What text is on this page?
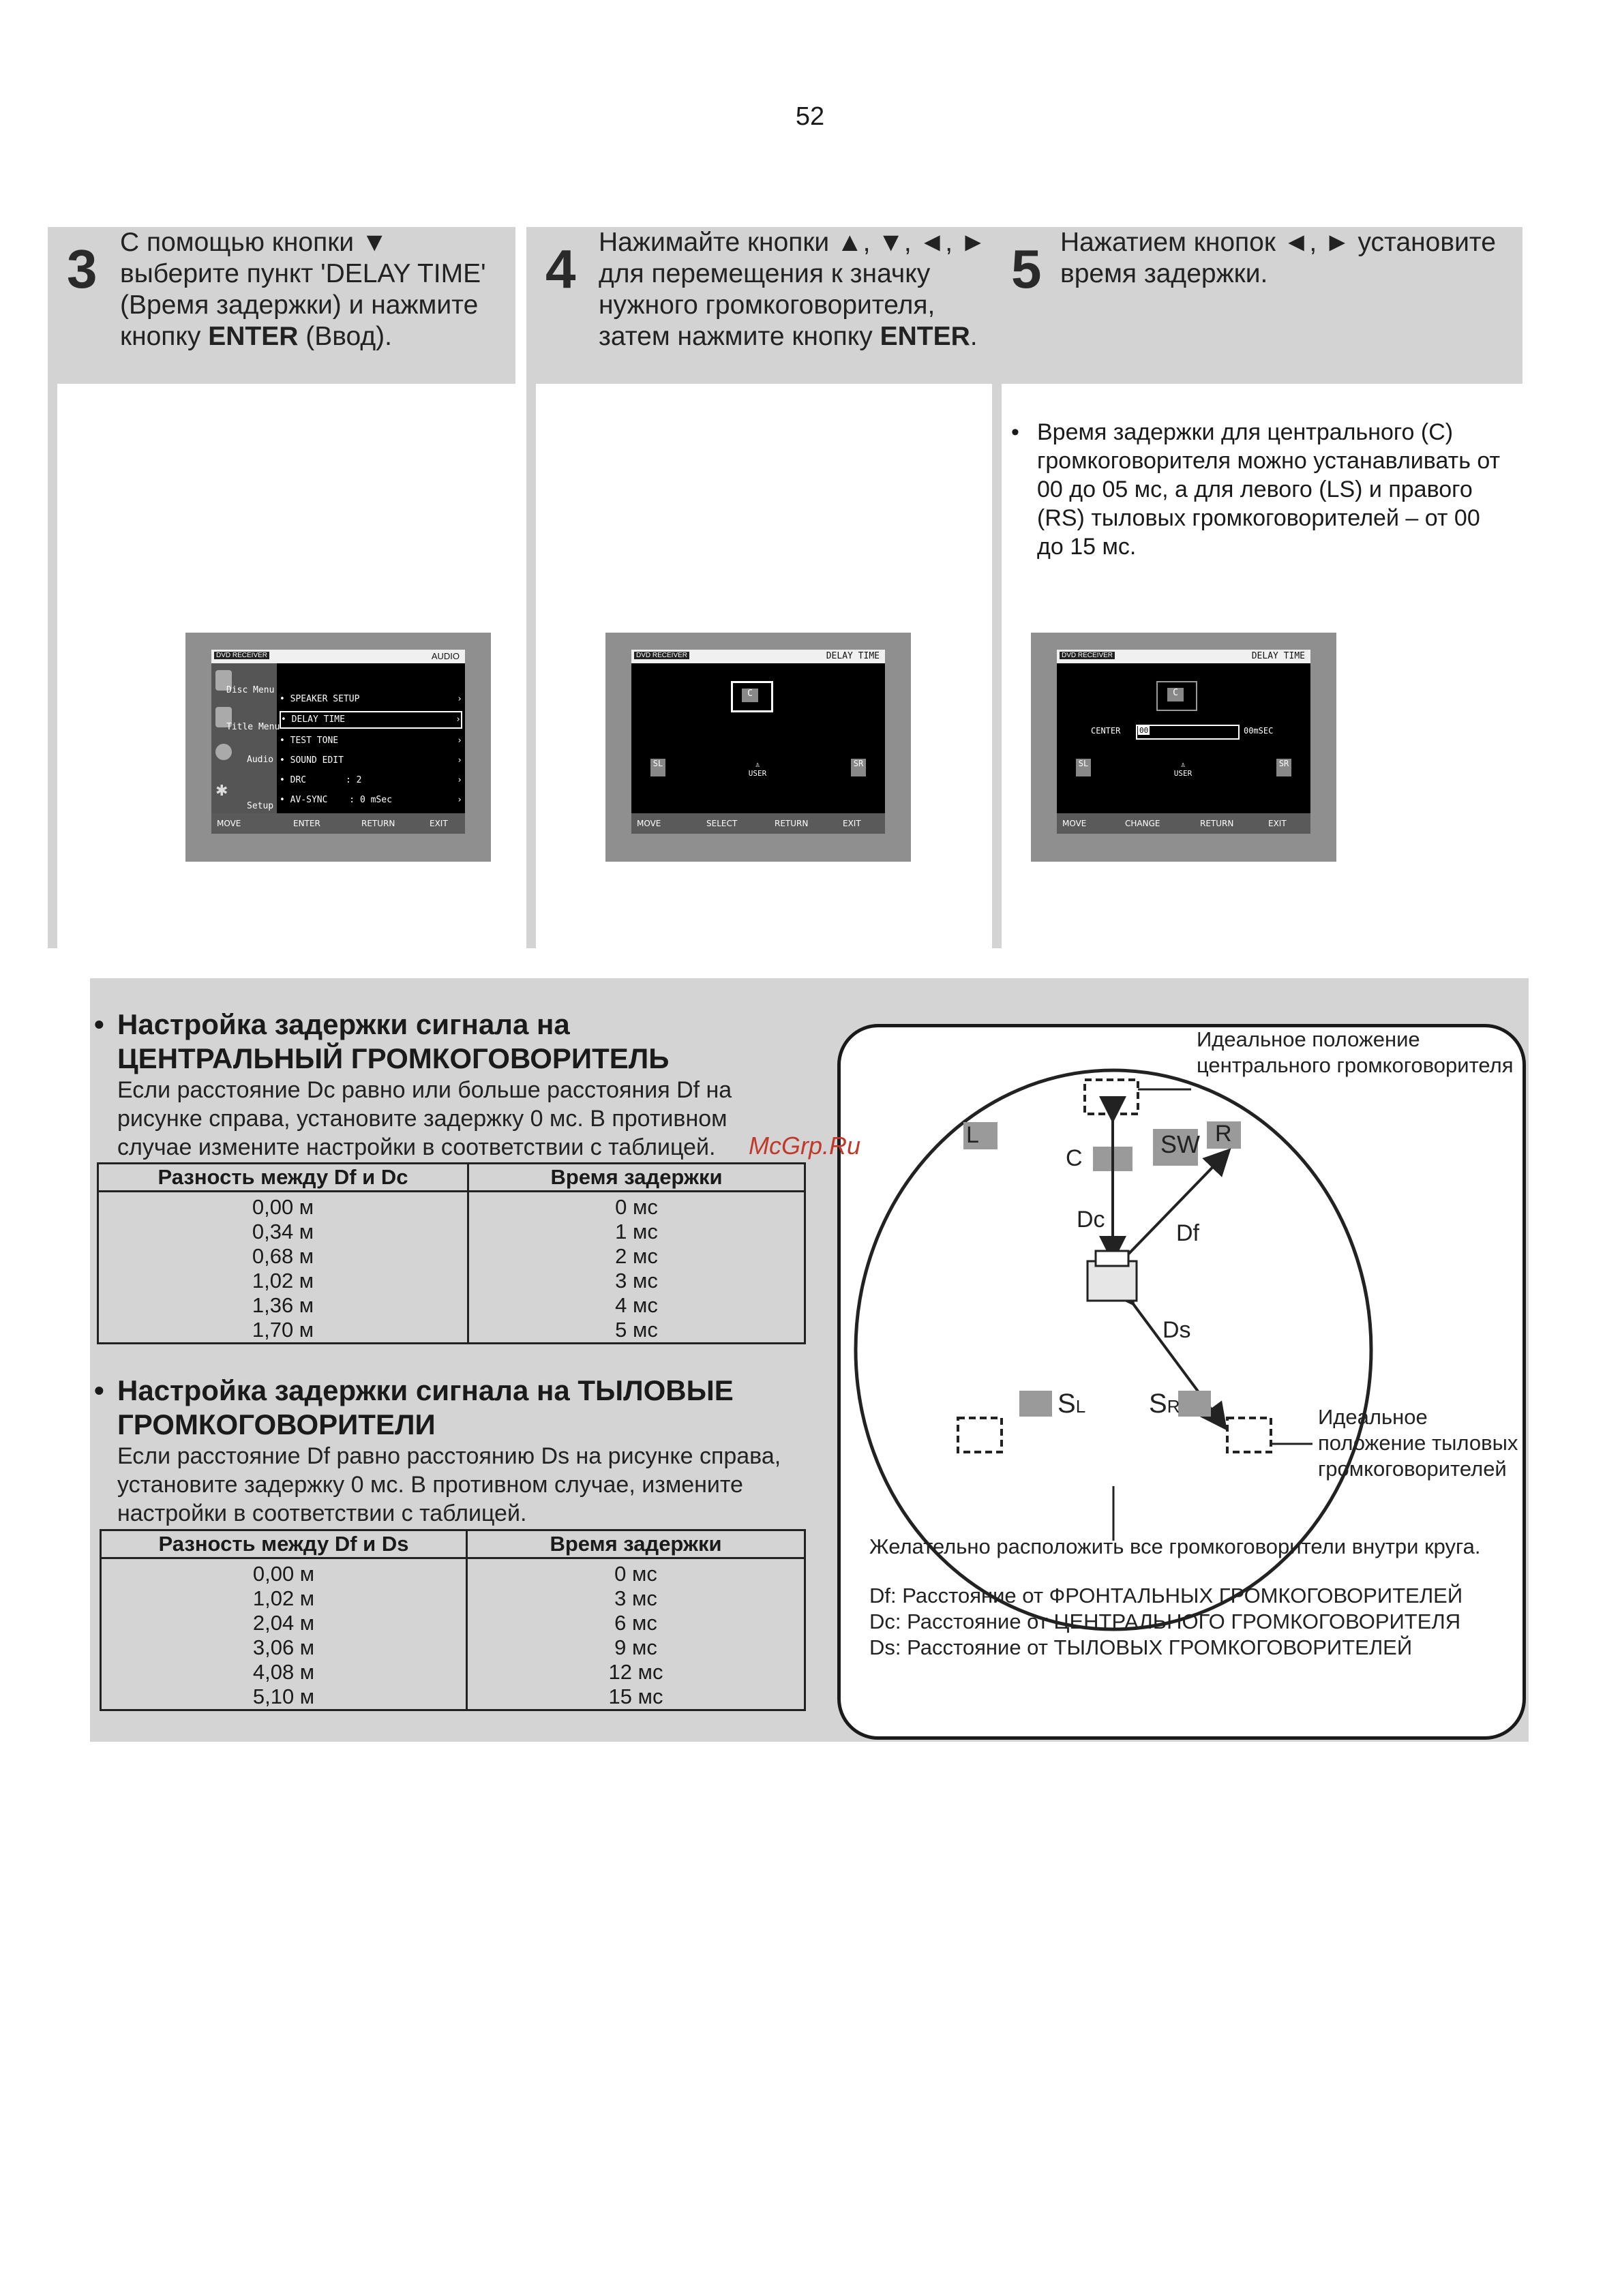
52
3 С помощью кнопки ▼ выберите пункт 'DELAY TIME' (Время задержки) и нажмите кнопку ENTER (Ввод).
4 Нажимайте кнопки ▲, ▼, ◄, ► для перемещения к значку нужного громкоговорителя, затем нажмите кнопку ENTER.
5 Нажатием кнопок ◄, ► установите время задержки.
• Время задержки для центрального (C) громкоговорителя можно устанавливать от 00 до 05 мс, а для левого (LS) и правого (RS) тыловых громкоговорителей – от 00 до 15 мс.
DVD RECEIVER	AUDIO
Disc Menu
Title Menu
Audio
✱
Setup
• SPEAKER SETUP	›
• DELAY TIME	›
• TEST TONE	›
• SOUND EDIT	›
• DRC	: 2	›
• AV-SYNC : 0 mSec	›
MOVE	ENTER	RETURN	EXIT
DVD RECEIVER	DELAY TIME
C
SL	SR
♙
USER
MOVE	SELECT	RETURN	EXIT
DVD RECEIVER	DELAY TIME
C
CENTER	00	00mSEC
SL	SR
♙
USER
MOVE	CHANGE	RETURN	EXIT
• Настройка задержки сигнала на
ЦЕНТРАЛЬНЫЙ ГРОМКОГОВОРИТЕЛЬ
Если расстояние Dc равно или больше расстояния Df на рисунке справа, установите задержку 0 мс. В противном случае измените настройки в соответствии с таблицей.
Разность между Df и Dc	Время задержки
0,00 м	0 мс
0,34 м	1 мс
0,68 м	2 мс
1,02 м	3 мс
1,36 м	4 мс
1,70 м	5 мс
• Настройка задержки сигнала на ТЫЛОВЫЕ
ГРОМКОГОВОРИТЕЛИ
Если расстояние Df равно расстоянию Ds на рисунке справа, установите задержку 0 мс. В противном случае, измените настройки в соответствии с таблицей.
Разность между Df и Ds	Время задержки
0,00 м	0 мс
1,02 м	3 мс
2,04 м	6 мс
3,06 м	9 мс
4,08 м	12 мс
5,10 м	15 мс
Идеальное положение центрального громкоговорителя
L	R
C	SW
Dc
Df
Ds
SL SR	Идеальное положение тыловых громкоговорителей
Желательно расположить все громкоговорители внутри круга.
Df: Расстояние от ФРОНТАЛЬНЫХ ГРОМКОГОВОРИТЕЛЕЙ
Dc: Расстояние от ЦЕНТРАЛЬНОГО ГРОМКОГОВОРИТЕЛЯ
Ds: Расстояние от ТЫЛОВЫХ ГРОМКОГОВОРИТЕЛЕЙ
McGrp.Ru
